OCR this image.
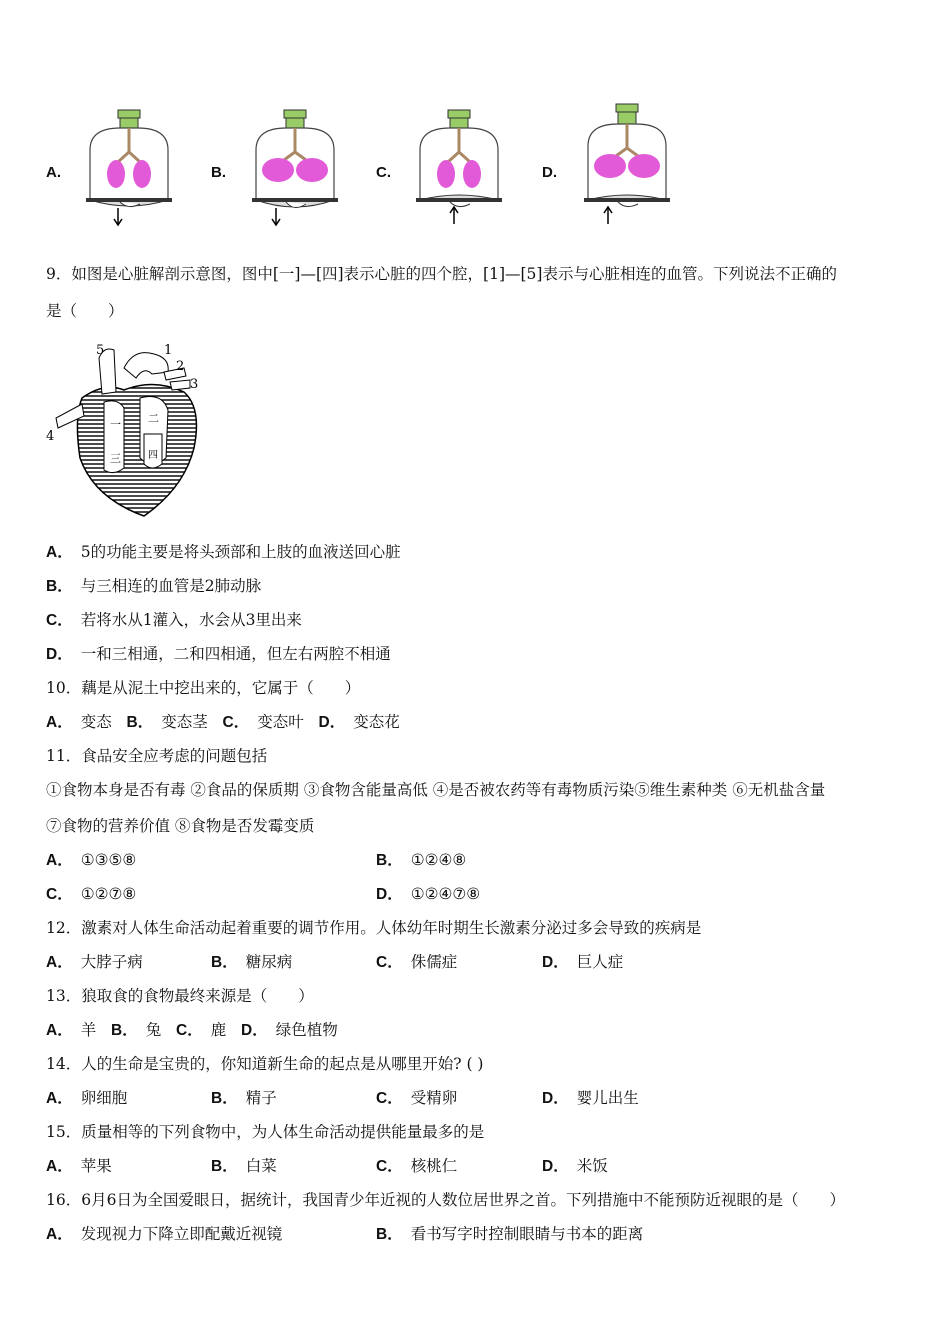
A.	B.	C.	D.
9．如图是心脏解剖示意图，图中[一]—[四]表示心脏的四个腔，[1]—[5]表示与心脏相连的血管。下列说法不正确的
是（　　）
5	1
2
3
4
一 二
三	四
A． 5的功能主要是将头颈部和上肢的血液送回心脏
B． 与三相连的血管是2肺动脉
C． 若将水从1灌入，水会从3里出来
D． 一和三相通，二和四相通，但左右两腔不相通
10．藕是从泥土中挖出来的，它属于（　　）
A． 变态 B． 变态茎 C． 变态叶 D． 变态花
11．食品安全应考虑的问题包括
①食物本身是否有毒 ②食品的保质期 ③食物含能量高低 ④是否被农药等有毒物质污染⑤维生素种类 ⑥无机盐含量
⑦食物的营养价值 ⑧食物是否发霉变质
A． ①③⑤⑧	B． ①②④⑧
C． ①②⑦⑧	D． ①②④⑦⑧
12．激素对人体生命活动起着重要的调节作用。人体幼年时期生长激素分泌过多会导致的疾病是
A． 大脖子病	B． 糖尿病	C． 侏儒症	D． 巨人症
13．狼取食的食物最终来源是（　　）
A． 羊 B． 兔 C． 鹿 D． 绿色植物
14．人的生命是宝贵的，你知道新生命的起点是从哪里开始? ( )
A． 卵细胞	B． 精子	C． 受精卵	D． 婴儿出生
15．质量相等的下列食物中，为人体生命活动提供能量最多的是
A． 苹果	B． 白菜	C． 核桃仁	D． 米饭
16．6月6日为全国爱眼日，据统计，我国青少年近视的人数位居世界之首。下列措施中不能预防近视眼的是（　　）
A． 发现视力下降立即配戴近视镜	B． 看书写字时控制眼睛与书本的距离
